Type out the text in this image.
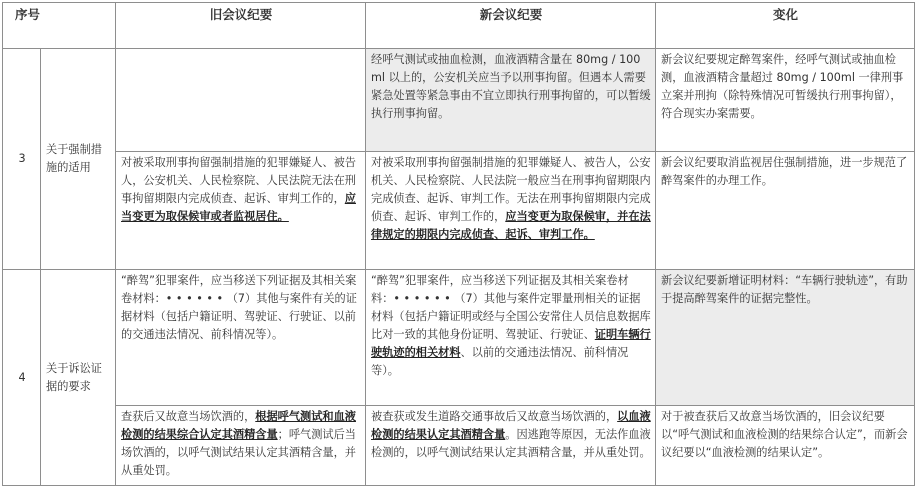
序号		旧会议纪要	新会议纪要	变化
3	关于强制措施的适用		经呼气测试或抽血检测，血液酒精含量在 80mg / 100ml 以上的，公安机关应当予以刑事拘留。但遇本人需要紧急处置等紧急事由不宜立即执行刑事拘留的，可以暂缓执行刑事拘留。	新会议纪要规定醉驾案件，经呼气测试或抽血检测，血液酒精含量超过 80mg / 100ml 一律刑事立案并刑拘（除特殊情况可暂缓执行刑事拘留），符合现实办案需要。
		对被采取刑事拘留强制措施的犯罪嫌疑人、被告人，公安机关、人民检察院、人民法院无法在刑事拘留期限内完成侦查、起诉、审判工作的，应当变更为取保候审或者监视居住。	对被采取刑事拘留强制措施的犯罪嫌疑人、被告人，公安机关、人民检察院、人民法院一般应当在刑事拘留期限内完成侦查、起诉、审判工作。无法在刑事拘留期限内完成侦查、起诉、审判工作的，应当变更为取保候审，并在法律规定的期限内完成侦查、起诉、审判工作。	新会议纪要取消监视居住强制措施，进一步规范了醉驾案件的办理工作。
4	关于诉讼证据的要求	“醉驾”犯罪案件，应当移送下列证据及其相关案卷材料：• • • • • • （7）其他与案件有关的证据材料（包括户籍证明、驾驶证、行驶证、以前的交通违法情况、前科情况等）。	“醉驾”犯罪案件，应当移送下列证据及其相关案卷材料：• • • • • • （7）其他与案件定罪量刑相关的证据材料（包括户籍证明或经与全国公安常住人员信息数据库比对一致的其他身份证明、驾驶证、行驶证、证明车辆行驶轨迹的相关材料、以前的交通违法情况、前科情况等）。	新会议纪要新增证明材料：“车辆行驶轨迹”，有助于提高醉驾案件的证据完整性。
		查获后又故意当场饮酒的，根据呼气测试和血液检测的结果综合认定其酒精含量；呼气测试后当场饮酒的，以呼气测试结果认定其酒精含量，并从重处罚。	被查获或发生道路交通事故后又故意当场饮酒的，以血液检测的结果认定其酒精含量。因逃跑等原因，无法作血液检测的，以呼气测试结果认定其酒精含量，并从重处罚。	对于被查获后又故意当场饮酒的，旧会议纪要以“呼气测试和血液检测的结果综合认定”，而新会议纪要以“血液检测的结果认定”。
